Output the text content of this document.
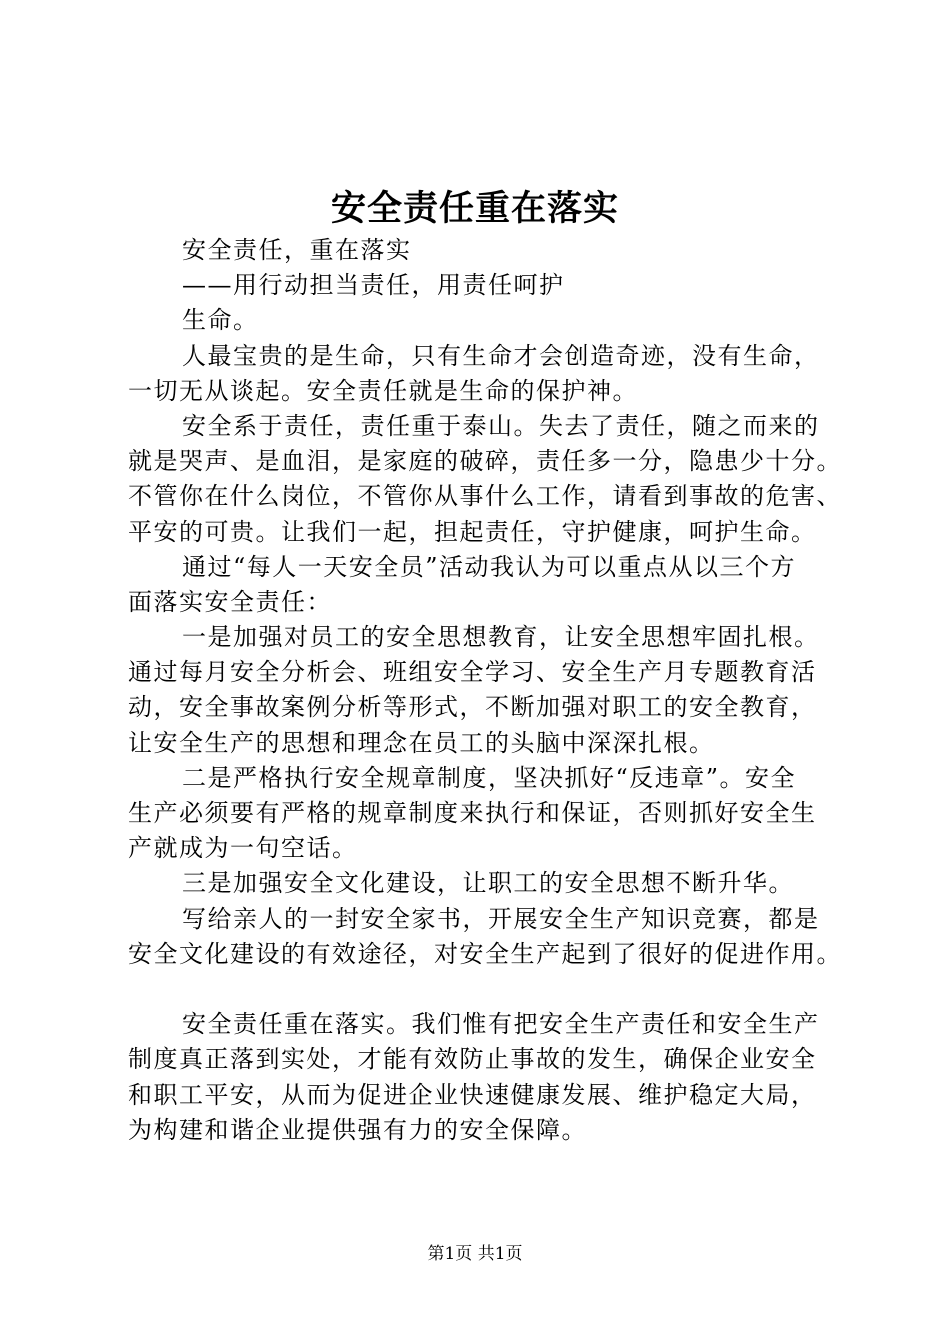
安全责任重在落实
安全责任，重在落实
——用行动担当责任，用责任呵护
生命。
人最宝贵的是生命，只有生命才会创造奇迹，没有生命，
一切无从谈起。安全责任就是生命的保护神。
安全系于责任，责任重于泰山。失去了责任，随之而来的
就是哭声、是血泪，是家庭的破碎，责任多一分，隐患少十分。
不管你在什么岗位，不管你从事什么工作，请看到事故的危害、
平安的可贵。让我们一起，担起责任，守护健康，呵护生命。
通过“每人一天安全员”活动我认为可以重点从以三个方
面落实安全责任：
一是加强对员工的安全思想教育，让安全思想牢固扎根。
通过每月安全分析会、班组安全学习、安全生产月专题教育活
动，安全事故案例分析等形式，不断加强对职工的安全教育，
让安全生产的思想和理念在员工的头脑中深深扎根。
二是严格执行安全规章制度，坚决抓好“反违章”。安全
生产必须要有严格的规章制度来执行和保证，否则抓好安全生
产就成为一句空话。
三是加强安全文化建设，让职工的安全思想不断升华。
写给亲人的一封安全家书，开展安全生产知识竞赛，都是
安全文化建设的有效途径，对安全生产起到了很好的促进作用。
安全责任重在落实。我们惟有把安全生产责任和安全生产
制度真正落到实处，才能有效防止事故的发生，确保企业安全
和职工平安，从而为促进企业快速健康发展、维护稳定大局，
为构建和谐企业提供强有力的安全保障。
第1页 共1页
